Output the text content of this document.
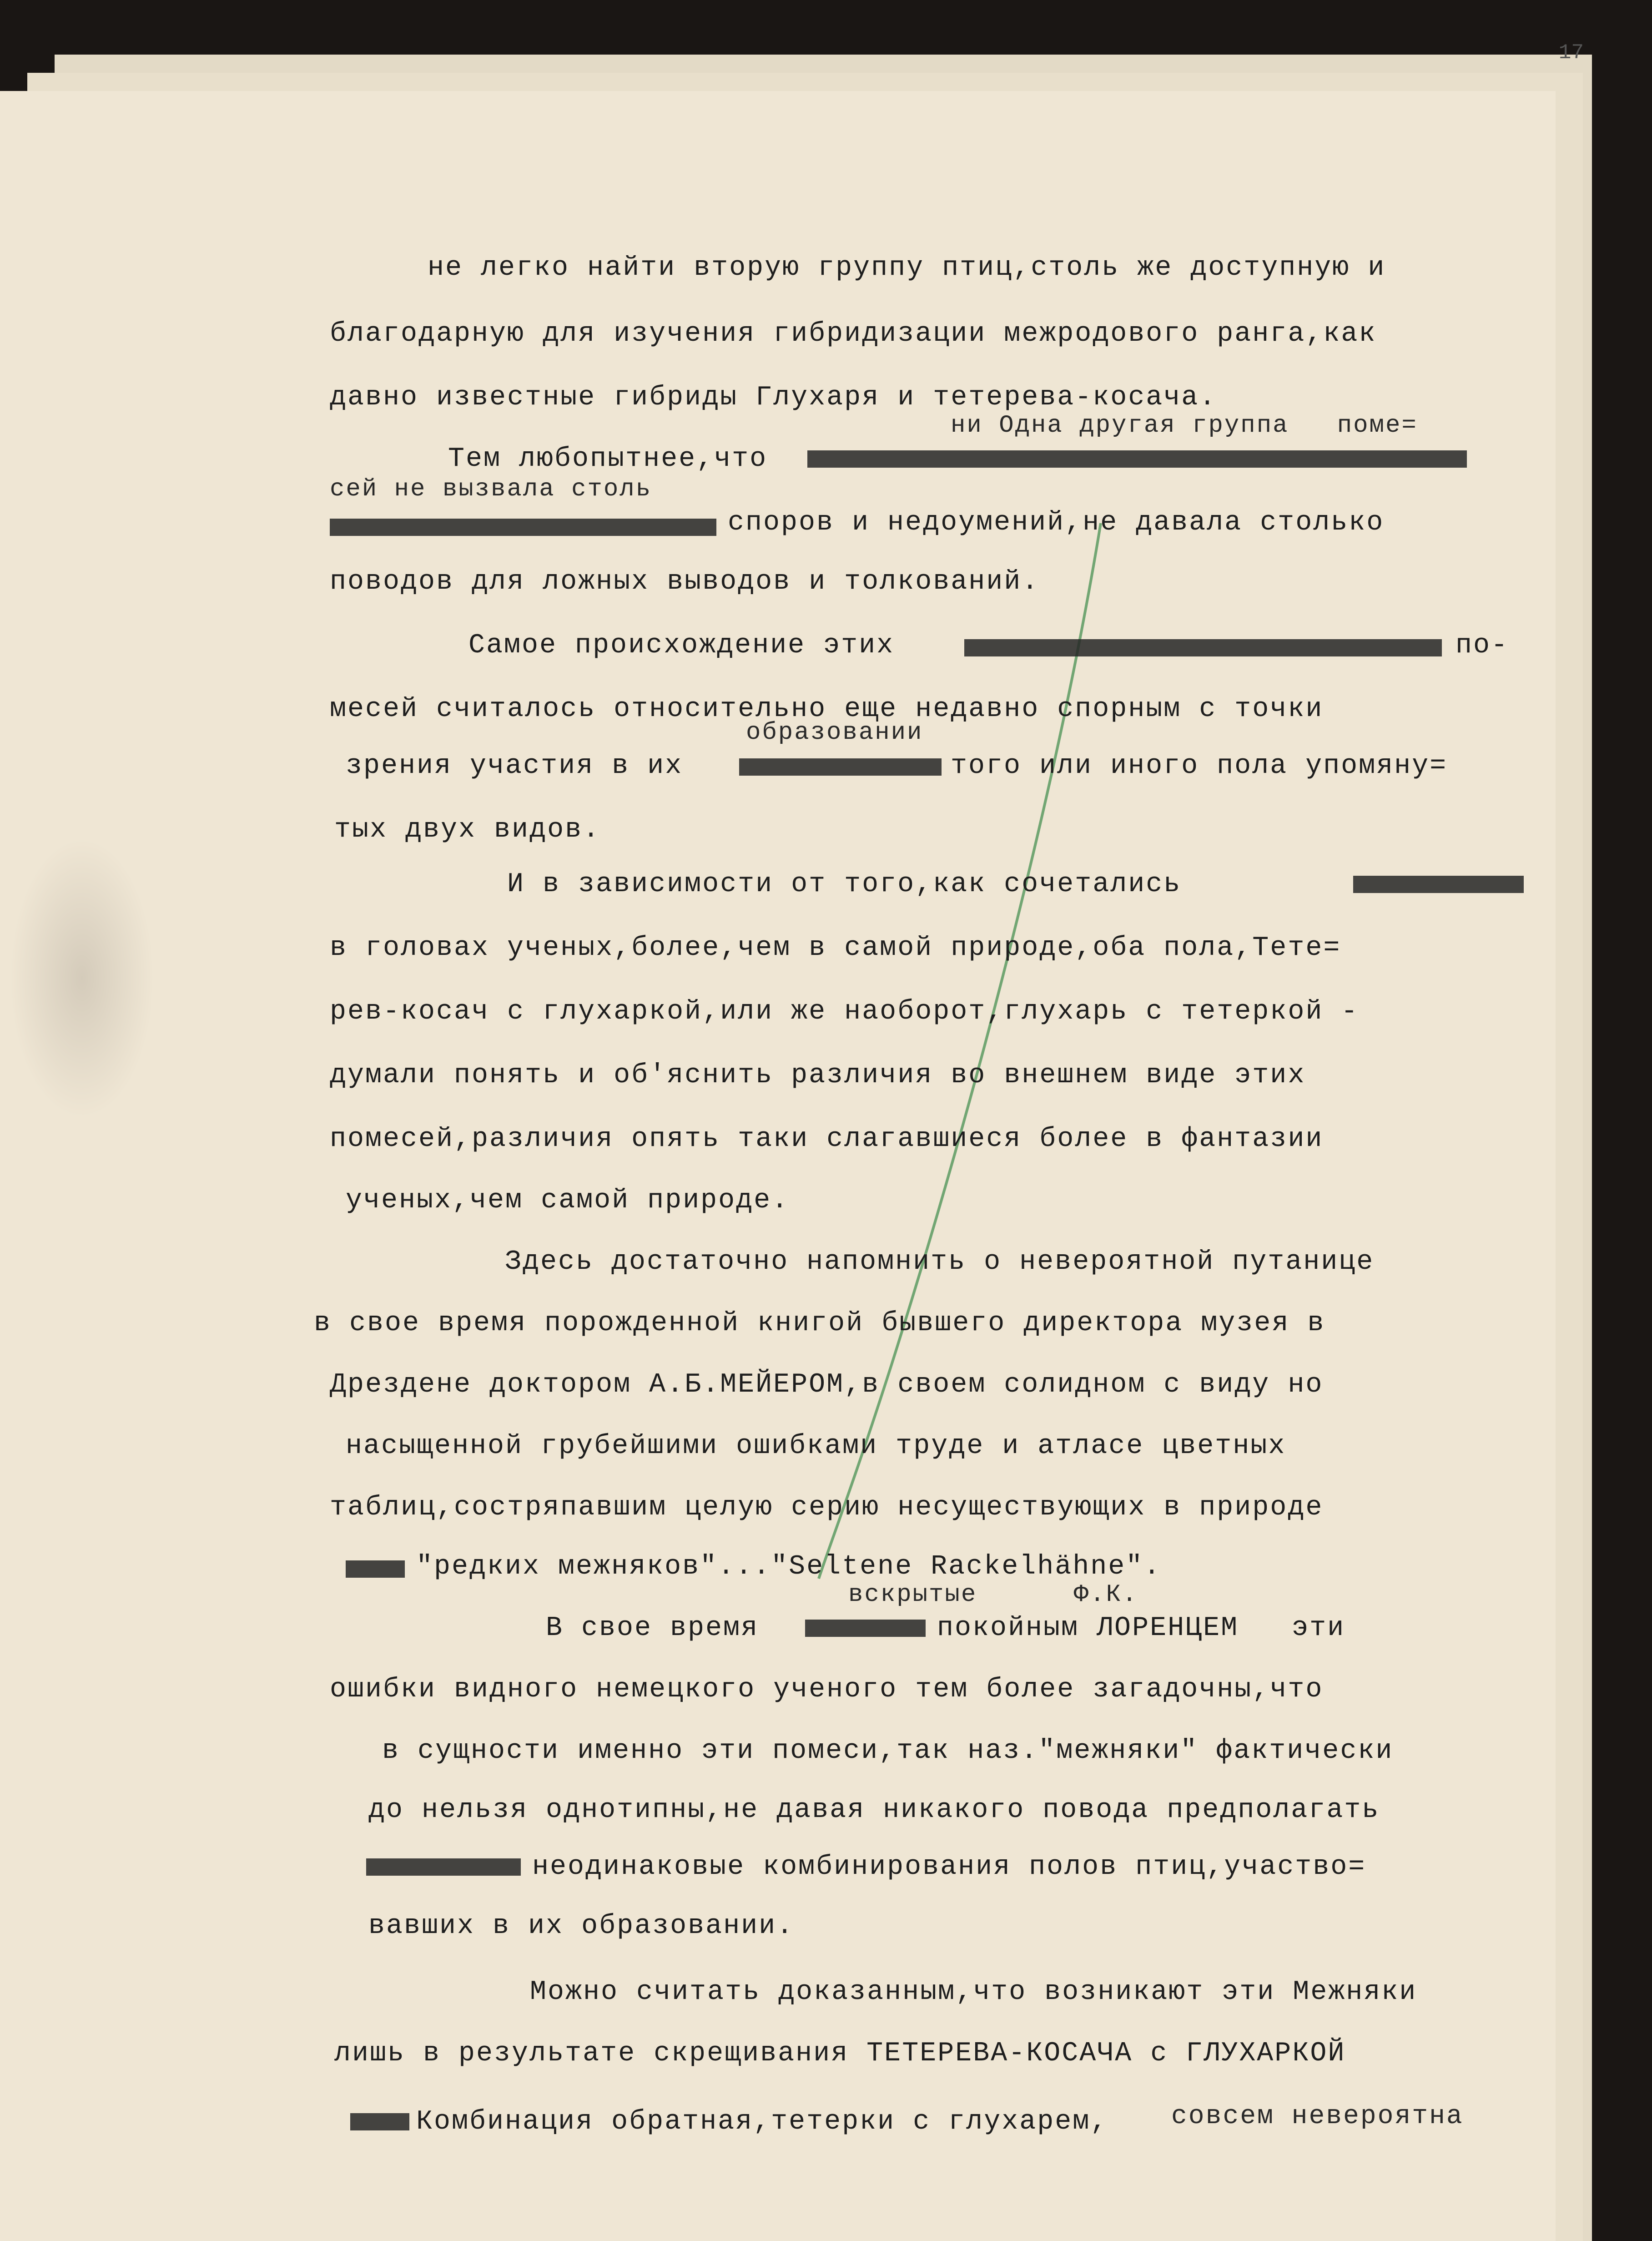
17
не легко найти вторую группу птиц,столь же доступную и
благодарную для изучения гибридизации межродового ранга,как
давно известные гибриды Глухаря и тетерева-косача.
ни Одна другая группа   поме=
Тем любопытнее,что
сей не вызвала столь
споров и недоумений,не давала столько
поводов для ложных выводов и толкований.
Самое происхождение этих	по-
месей считалось относительно еще недавно спорным с точки
образовании
зрения участия в их	того или иного пола упомяну=
тых двух видов.
И в зависимости от того,как сочетались
в головах ученых,более,чем в самой природе,оба пола,Тете=
рев-косач с глухаркой,или же наоборот,глухарь с тетеркой -
думали понять и об'яснить различия во внешнем виде этих
помесей,различия опять таки слагавшиеся более в фантазии
ученых,чем самой природе.
Здесь достаточно напомнить о невероятной путанице
в свое время порожденной книгой бывшего директора музея в
Дрездене доктором А.Б.МЕЙЕРОМ,в своем солидном с виду но
насыщенной грубейшими ошибками труде и атласе цветных
таблиц,состряпавшим целую серию несуществующих в природе
"редких межняков"..."Seltene Rackelhähne".
вскрытые      Ф.К.
В свое время	покойным ЛОРЕНЦЕМ   эти
ошибки видного немецкого ученого тем более загадочны,что
в сущности именно эти помеси,так наз."межняки" фактически
до нельзя однотипны,не давая никакого повода предполагать
неодинаковые комбинирования полов птиц,участво=
вавших в их образовании.
Можно считать доказанным,что возникают эти Межняки
лишь в результате скрещивания ТЕТЕРЕВА-КОСАЧА с ГЛУХАРКОЙ
Комбинация обратная,тетерки с глухарем, совсем невероятна
